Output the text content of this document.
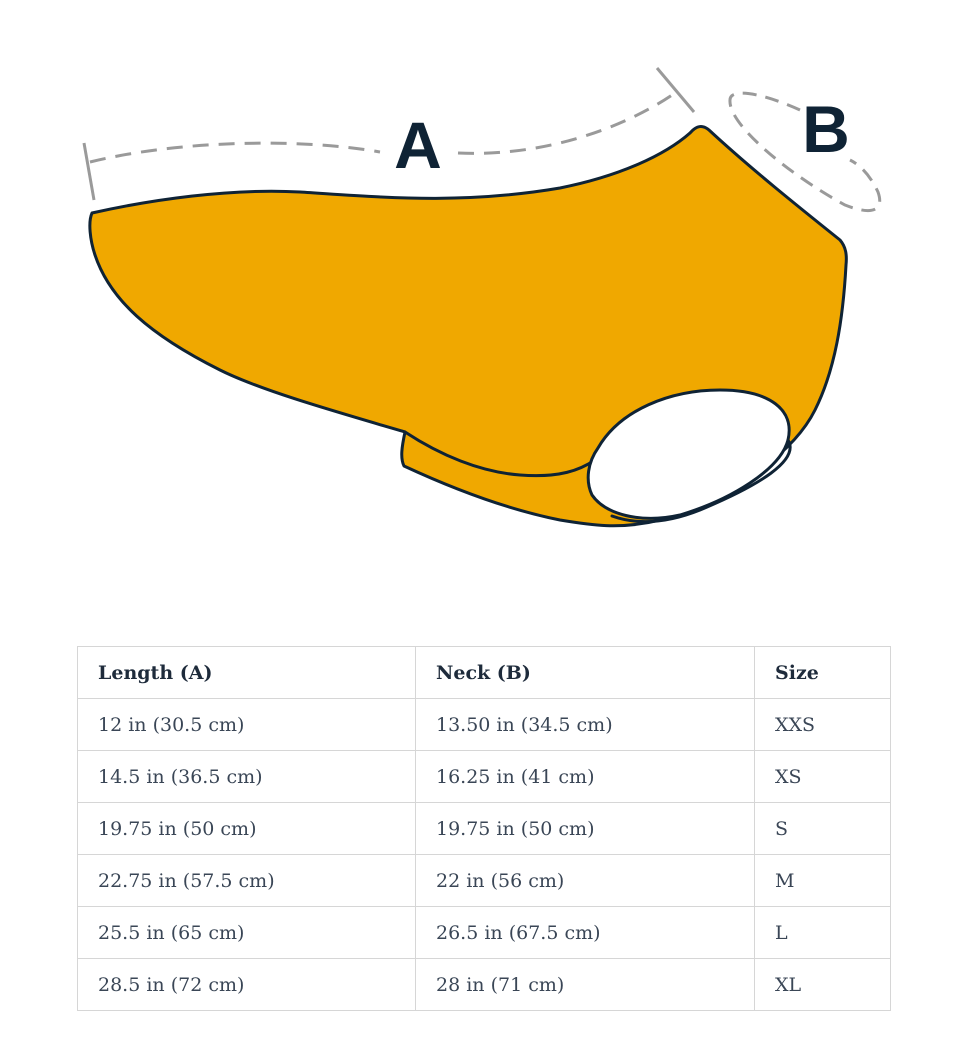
A	B
Length (A)	Neck (B)	Size
12 in (30.5 cm)	13.50 in (34.5 cm)	XXS
14.5 in (36.5 cm)	16.25 in (41 cm)	XS
19.75 in (50 cm)	19.75 in (50 cm)	S
22.75 in (57.5 cm)	22 in (56 cm)	M
25.5 in (65 cm)	26.5 in (67.5 cm)	L
28.5 in (72 cm)	28 in (71 cm)	XL
